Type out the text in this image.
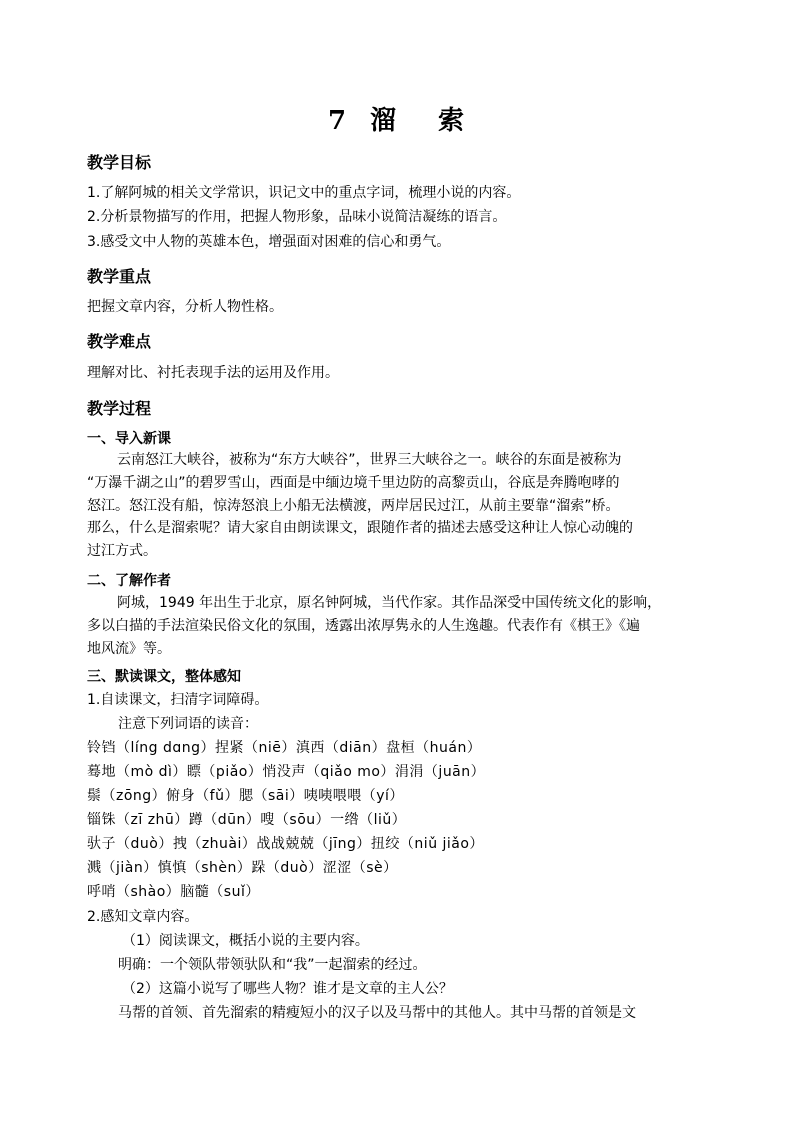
7 溜 索
教学目标
1.了解阿城的相关文学常识，识记文中的重点字词，梳理小说的内容。
2.分析景物描写的作用，把握人物形象，品味小说简洁凝练的语言。
3.感受文中人物的英雄本色，增强面对困难的信心和勇气。
教学重点
把握文章内容，分析人物性格。
教学难点
理解对比、衬托表现手法的运用及作用。
教学过程
一、导入新课
云南怒江大峡谷，被称为“东方大峡谷”，世界三大峡谷之一。峡谷的东面是被称为
“万瀑千湖之山”的碧罗雪山，西面是中缅边境千里边防的高黎贡山，谷底是奔腾咆哮的
怒江。怒江没有船，惊涛怒浪上小船无法横渡，两岸居民过江，从前主要靠“溜索”桥。
那么，什么是溜索呢？请大家自由朗读课文，跟随作者的描述去感受这种让人惊心动魄的
过江方式。
二、了解作者
阿城，1949 年出生于北京，原名钟阿城，当代作家。其作品深受中国传统文化的影响，
多以白描的手法渲染民俗文化的氛围，透露出浓厚隽永的人生逸趣。代表作有《棋王》《遍
地风流》等。
三、默读课文，整体感知
1.自读课文，扫清字词障碍。
注意下列词语的读音：
铃铛（líng dɑng）捏紧（niē）滇西（diān）盘桓（huán）
蓦地（mò dì）瞟（piǎo）悄没声（qiǎo mo）涓涓（juān）
鬃（zōng）俯身（fǔ）腮（sāi）咦咦喂喂（yí）
锱铢（zī zhū）蹲（dūn）嗖（sōu）一绺（liǔ）
驮子（duò）拽（zhuài）战战兢兢（jīng）扭绞（niǔ jiǎo）
溅（jiàn）慎慎（shèn）跺（duò）涩涩（sè）
呼哨（shào）脑髓（suǐ）
2.感知文章内容。
（1）阅读课文，概括小说的主要内容。
明确：一个领队带领驮队和“我”一起溜索的经过。
（2）这篇小说写了哪些人物？谁才是文章的主人公？
马帮的首领、首先溜索的精瘦短小的汉子以及马帮中的其他人。其中马帮的首领是文
